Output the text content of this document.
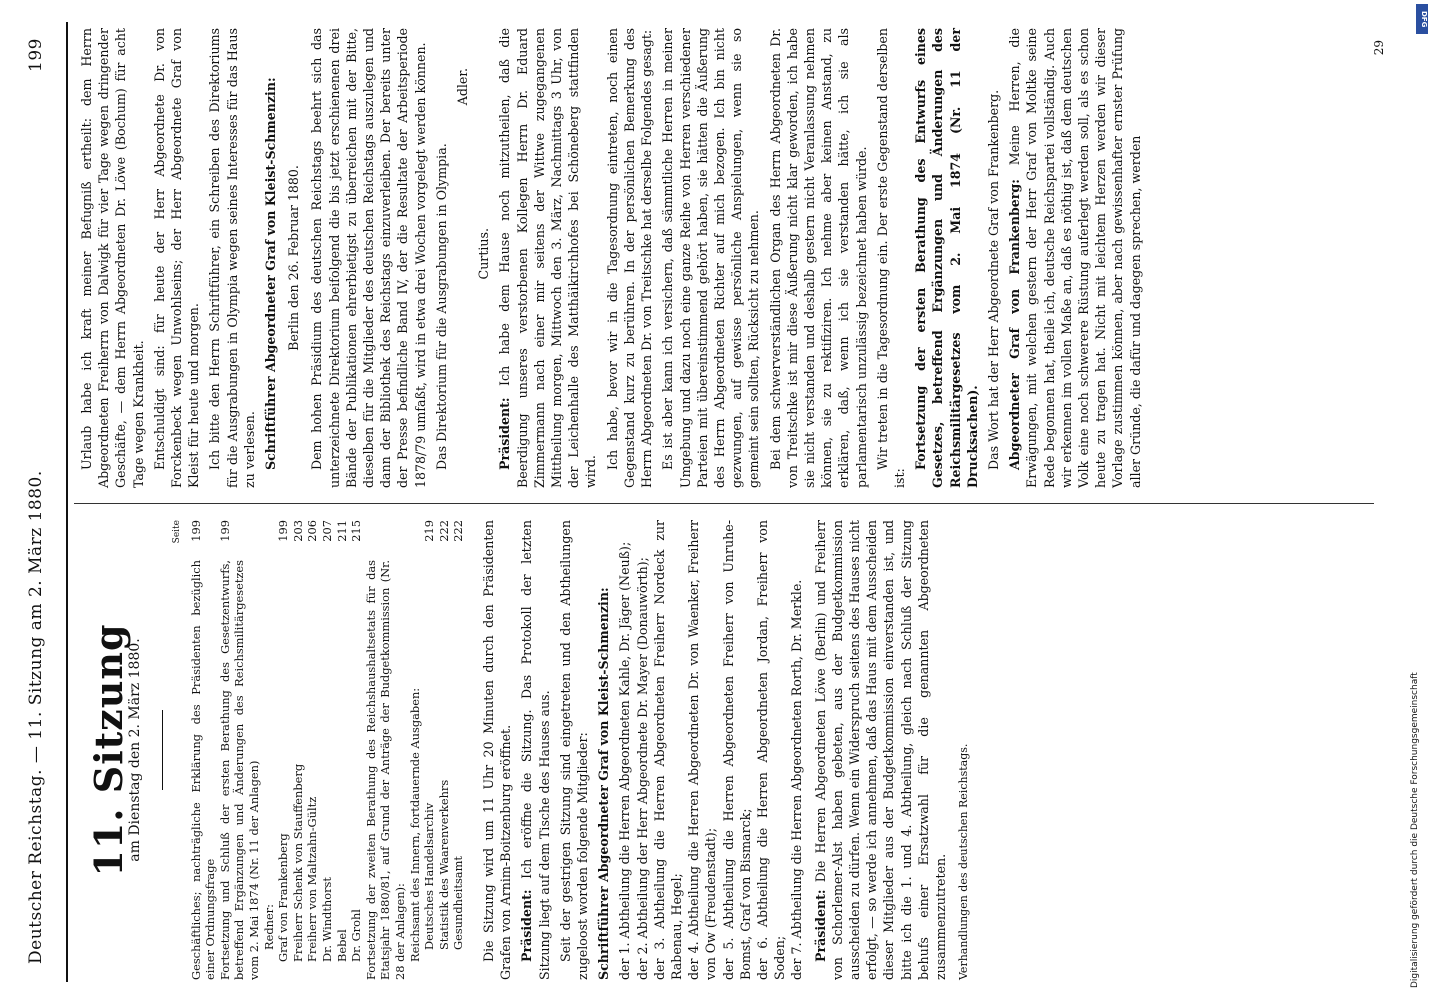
Deutscher Reichstag. — 11. Sitzung am 2. März 1880.
199
11. Sitzung
am Dienstag den 2. März 1880.
Seite
Geschäftliches; nachträgliche Erklärung des Präsidenten bezüglich einer Ordnungsfrage
199
Fortsetzung und Schluß der ersten Berathung des Gesetzentwurfs, betreffend Ergänzungen und Änderungen des Reichsmilitärgesetzes vom 2. Mai 1874 (Nr. 11 der Anlagen)
199
Redner: Graf von Frankenberg
199
Freiherr Schenk von Stauffenberg
203
Freiherr von Maltzahn-Gültz
206
Dr. Windthorst
207
Bebel
211
Dr. Grohl
215
Fortsetzung der zweiten Berathung des Reichshaushaltsetats für das Etatsjahr 1880/81, auf Grund der Anträge der Budgetkommission (Nr. 28 der Anlagen): Reichsamt des Innern, fortdauernde Ausgaben: Deutsches Handelsarchiv
219
Statistik des Waarenverkehrs
222
Gesundheitsamt
222 Die Sitzung wird um 11 Uhr 20 Minuten durch den Präsidenten Grafen von Arnim-Boitzenburg eröffnet. Präsident: Ich eröffne die Sitzung. Das Protokoll der letzten Sitzung liegt auf dem Tische des Hauses aus. Seit der gestrigen Sitzung sind eingetreten und den Abtheilungen zugeloost worden folgende Mitglieder: Schriftführer Abgeordneter Graf von Kleist-Schmenzin: der 1. Abtheilung die Herren Abgeordneten Kahle, Dr. Jäger (Neuß); der 2. Abtheilung der Herr Abgeordnete Dr. Mayer (Donauwörth); der 3. Abtheilung die Herren Abgeordneten Freiherr Nordeck zur Rabenau, Hegel; der 4. Abtheilung die Herren Abgeordneten Dr. von Waenker, Freiherr von Ow (Freudenstadt); der 5. Abtheilung die Herren Abgeordneten Freiherr von Unruhe-Bomst, Graf von Bismarck; der 6. Abtheilung die Herren Abgeordneten Jordan, Freiherr von Soden; der 7. Abtheilung die Herren Abgeordneten Rorth, Dr. Merkle. Präsident: Die Herren Abgeordneten Löwe (Berlin) und Freiherr von Schorlemer-Alst haben gebeten, aus der Budgetkommission ausscheiden zu dürfen. Wenn ein Widerspruch seitens des Hauses nicht erfolgt, — so werde ich annehmen, daß das Haus mit dem Ausscheiden dieser Mitglieder aus der Budgetkommission einverstanden ist, und bitte ich die 1. und 4. Abtheilung, gleich nach Schluß der Sitzung behufs einer Ersatzwahl für die genannten Abgeordneten zusammenzutreten. Verhandlungen des deutschen Reichstags.

Urlaub habe ich kraft meiner Befugniß ertheilt: dem Herrn Abgeordneten Freiherrn von Dalwigk für vier Tage wegen dringender Geschäfte, — dem Herrn Abgeordneten Dr. Löwe (Bochum) für acht Tage wegen Krankheit. Entschuldigt sind: für heute der Herr Abgeordnete Dr. von Forckenbeck wegen Unwohlseins; der Herr Abgeordnete Graf von Kleist für heute und morgen. Ich bitte den Herrn Schriftführer, ein Schreiben des Direktoriums für die Ausgrabungen in Olympia wegen seines Interesses für das Haus zu verlesen. Schriftführer Abgeordneter Graf von Kleist-Schmenzin: Berlin den 26. Februar 1880. Dem hohen Präsidium des deutschen Reichstags beehrt sich das unterzeichnete Direktorium beifolgend die bis jetzt erschienenen drei Bände der Publikationen ehrerbietigst zu überreichen mit der Bitte, dieselben für die Mitglieder des deutschen Reichstags auszulegen und dann der Bibliothek des Reichstags einzuverleiben. Der bereits unter der Presse befindliche Band IV, der die Resultate der Arbeitsperiode 1878/79 umfaßt, wird in etwa drei Wochen vorgelegt werden können. Das Direktorium für die Ausgrabungen in Olympia.

Adler.
Curtius.

Präsident: Ich habe dem Hause noch mitzutheilen, daß die Beerdigung unseres verstorbenen Kollegen Herrn Dr. Eduard Zimmermann nach einer mir seitens der Wittwe zugegangenen Mittheilung morgen, Mittwoch den 3. März, Nachmittags 3 Uhr, von der Leichenhalle des Matthäikirchhofes bei Schöneberg stattfinden wird.

Ich habe, bevor wir in die Tagesordnung eintreten, noch einen Gegenstand kurz zu berühren. In der persönlichen Bemerkung des Herrn Abgeordneten Dr. von Treitschke hat derselbe Folgendes gesagt: Es ist aber kann ich versichern, daß sämmtliche Herren in meiner Umgebung und dazu noch eine ganze Reihe von Herren verschiedener Parteien mit übereinstimmend gehört haben, sie hätten die Äußerung des Herrn Abgeordneten Richter auf mich bezogen. Ich bin nicht gezwungen, auf gewisse persönliche Anspielungen, wenn sie so gemeint sein sollten, Rücksicht zu nehmen. Bei dem schwerverständlichen Organ des Herrn Abgeordneten Dr. von Treitschke ist mir diese Äußerung nicht klar geworden, ich habe sie nicht verstanden und deshalb gestern nicht Veranlassung nehmen können, sie zu rektifiziren. Ich nehme aber keinen Anstand, zu erklären, daß, wenn ich sie verstanden hätte, ich sie als parlamentarisch unzulässig bezeichnet haben würde. Wir treten in die Tagesordnung ein. Der erste Gegenstand derselben ist:

Fortsetzung der ersten Berathung des Entwurfs eines Gesetzes, betreffend Ergänzungen und Änderungen des Reichsmilitärgesetzes vom 2. Mai 1874 (Nr. 11 der Drucksachen). Das Wort hat der Herr Abgeordnete Graf von Frankenberg. Abgeordneter Graf von Frankenberg: Meine Herren, die Erwägungen, mit welchen gestern der Herr Graf von Moltke seine Rede begonnen hat, theile ich, deutsche Reichspartei vollständig. Auch wir erkennen im vollen Maße an, daß es nöthig ist, daß dem deutschen Volk eine noch schwerere Rüstung auferlegt werden soll, als es schon heute zu tragen hat. Nicht mit leichtem Herzen werden wir dieser Vorlage zustimmen können, aber nach gewissenhafter ernster Prüfung aller Gründe, die dafür und dagegen sprechen, werden

29
Digitalisierung gefördert durch die Deutsche Forschungsgemeinschaft
DFG
